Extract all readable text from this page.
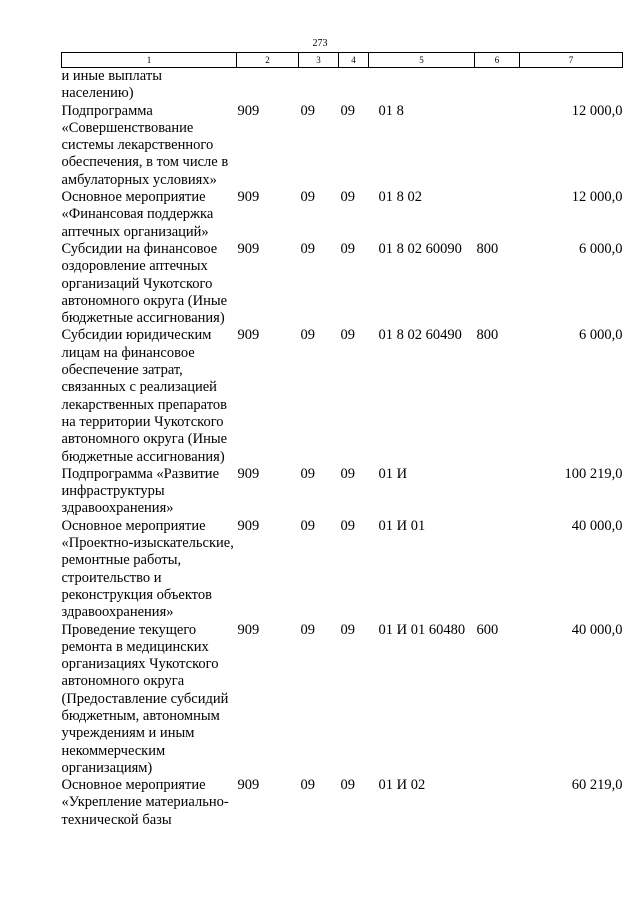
273
1	2	3	4	5	6	7
и иные выплаты населению)						
Подпрограмма «Совершенствование системы лекарственного обеспечения, в том числе в амбулаторных условиях»	909	09	09	01 8		12 000,0
Основное мероприятие «Финансовая поддержка аптечных организаций»	909	09	09	01 8 02		12 000,0
Субсидии на финансовое оздоровление аптечных организаций Чукотского автономного округа (Иные бюджетные ассигнования)	909	09	09	01 8 02 60090	800	6 000,0
Субсидии юридическим лицам на финансовое обеспечение затрат, связанных с реализацией лекарственных препаратов на территории Чукотского автономного округа (Иные бюджетные ассигнования)	909	09	09	01 8 02 60490	800	6 000,0
Подпрограмма «Развитие инфраструктуры здравоохранения»	909	09	09	01 И		100 219,0
Основное мероприятие «Проектно-изыскательские, ремонтные работы, строительство и реконструкция объектов здравоохранения»	909	09	09	01 И 01		40 000,0
Проведение текущего ремонта в медицинских организациях Чукотского автономного округа (Предоставление субсидий бюджетным, автономным учреждениям и иным некоммерческим организациям)	909	09	09	01 И 01 60480	600	40 000,0
Основное мероприятие «Укрепление материально-технической базы	909	09	09	01 И 02		60 219,0
